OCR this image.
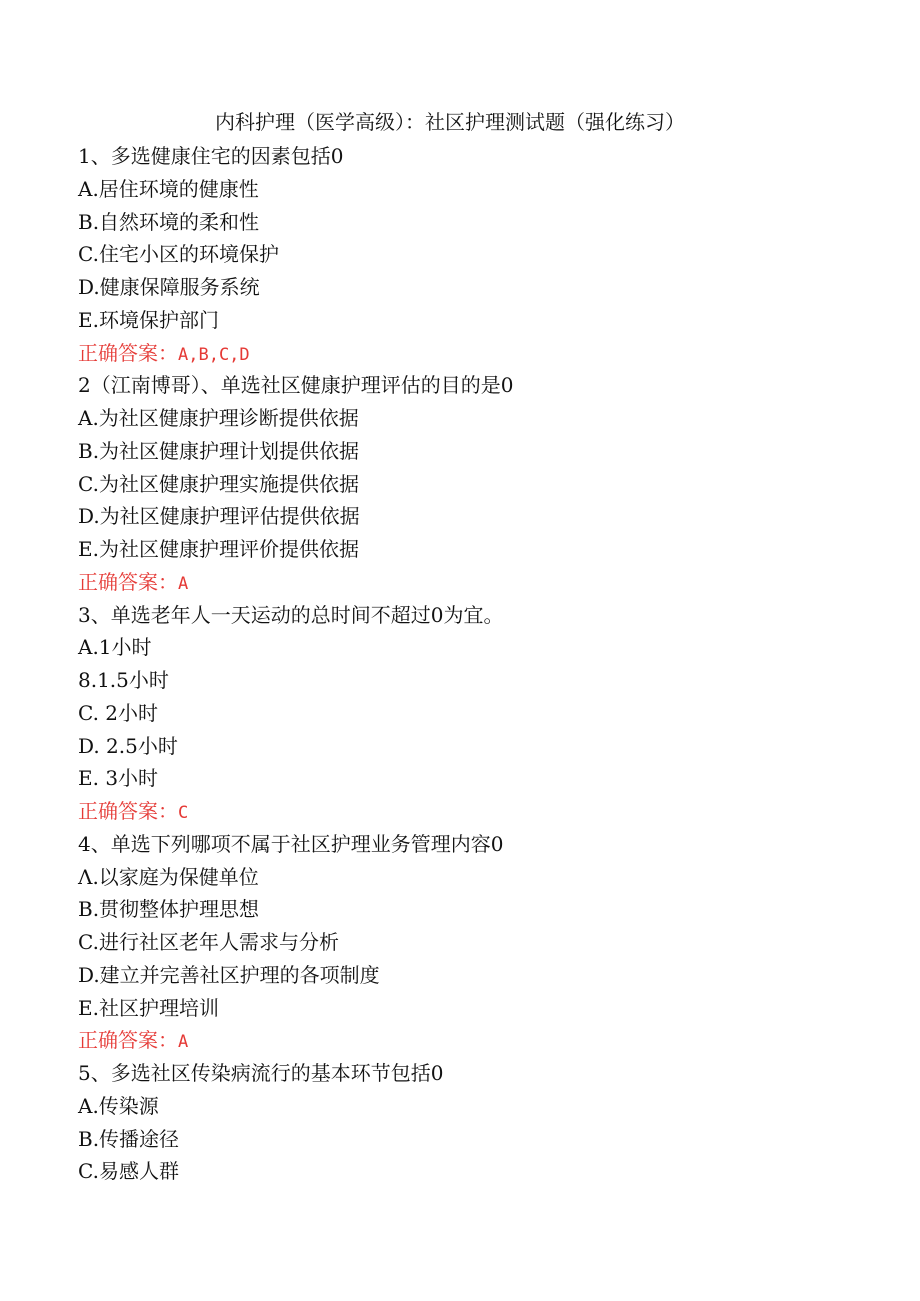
内科护理（医学高级）：社区护理测试题（强化练习）
1、多选健康住宅的因素包括0
A.居住环境的健康性
B.自然环境的柔和性
C.住宅小区的环境保护
D.健康保障服务系统
E.环境保护部门
正确答案：A,B,C,D
2（江南博哥）、单选社区健康护理评估的目的是0
A.为社区健康护理诊断提供依据
B.为社区健康护理计划提供依据
C.为社区健康护理实施提供依据
D.为社区健康护理评估提供依据
E.为社区健康护理评价提供依据
正确答案：A
3、单选老年人一天运动的总时间不超过0为宜。
A.1小时
8.1.5小时
C. 2小时
D. 2.5小时
E. 3小时
正确答案：C
4、单选下列哪项不属于社区护理业务管理内容0
Λ.以家庭为保健单位
B.贯彻整体护理思想
C.进行社区老年人需求与分析
D.建立并完善社区护理的各项制度
E.社区护理培训
正确答案：A
5、多选社区传染病流行的基本环节包括0
A.传染源
B.传播途径
C.易感人群
